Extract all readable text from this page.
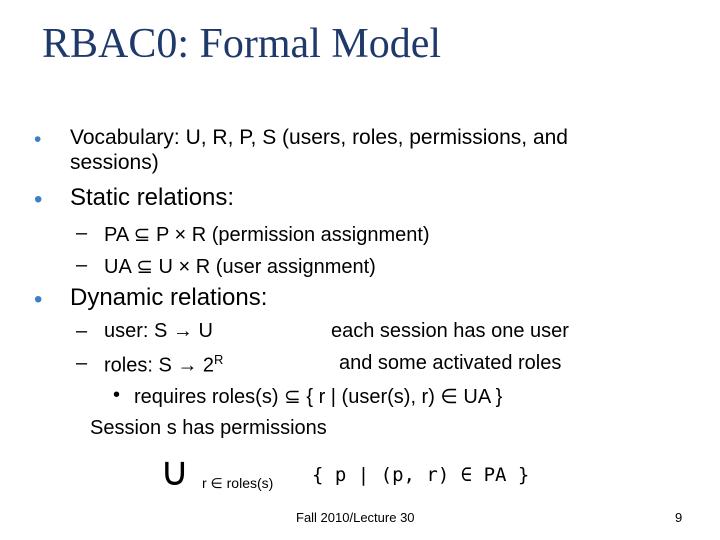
RBAC0: Formal Model
• Vocabulary: U, R, P, S (users, roles, permissions, and
sessions)
• Static relations:
– PA ⊆ P × R (permission assignment)
– UA ⊆ U × R (user assignment)
• Dynamic relations:
– user: S → U	each session has one user
– roles: $S \to 2^R$	and some activated roles
• requires roles(s) ⊆ { r | (user(s), r) ∈ UA }
Session s has permissions
∪ r ∈ roles(s) { p | (p, r) ∈ PA }
Fall 2010/Lecture 30	9
